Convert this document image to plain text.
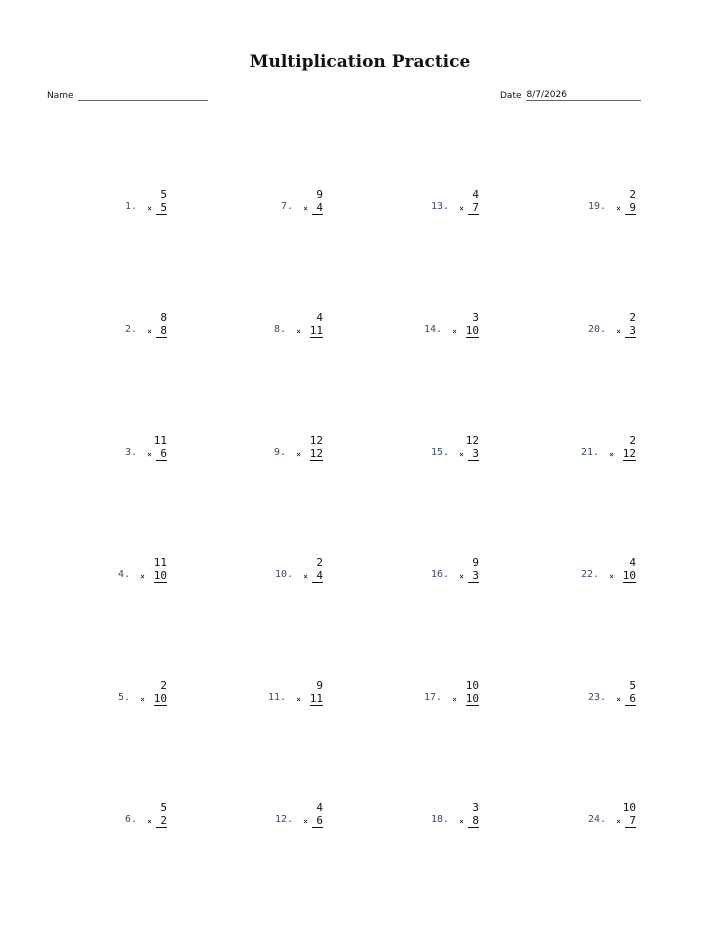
Multiplication Practice
Name	Date 8/7/2026
1.
5
× 5
2.
8
× 8
3.
11
× 6
4.
11
× 10
5.
2
× 10
6.
5
× 2
7.
9
× 4
8.
4
× 11
9.
12
× 12
10.
2
× 4
11.
9
× 11
12.
4
× 6
13.
4
× 7
14.
3
× 10
15.
12
× 3
16.
9
× 3
17.
10
× 10
18.
3
× 8
19.
2
× 9
20.
2
× 3
21.
2
× 12
22.
4
× 10
23.
5
× 6
24.
10
× 7
